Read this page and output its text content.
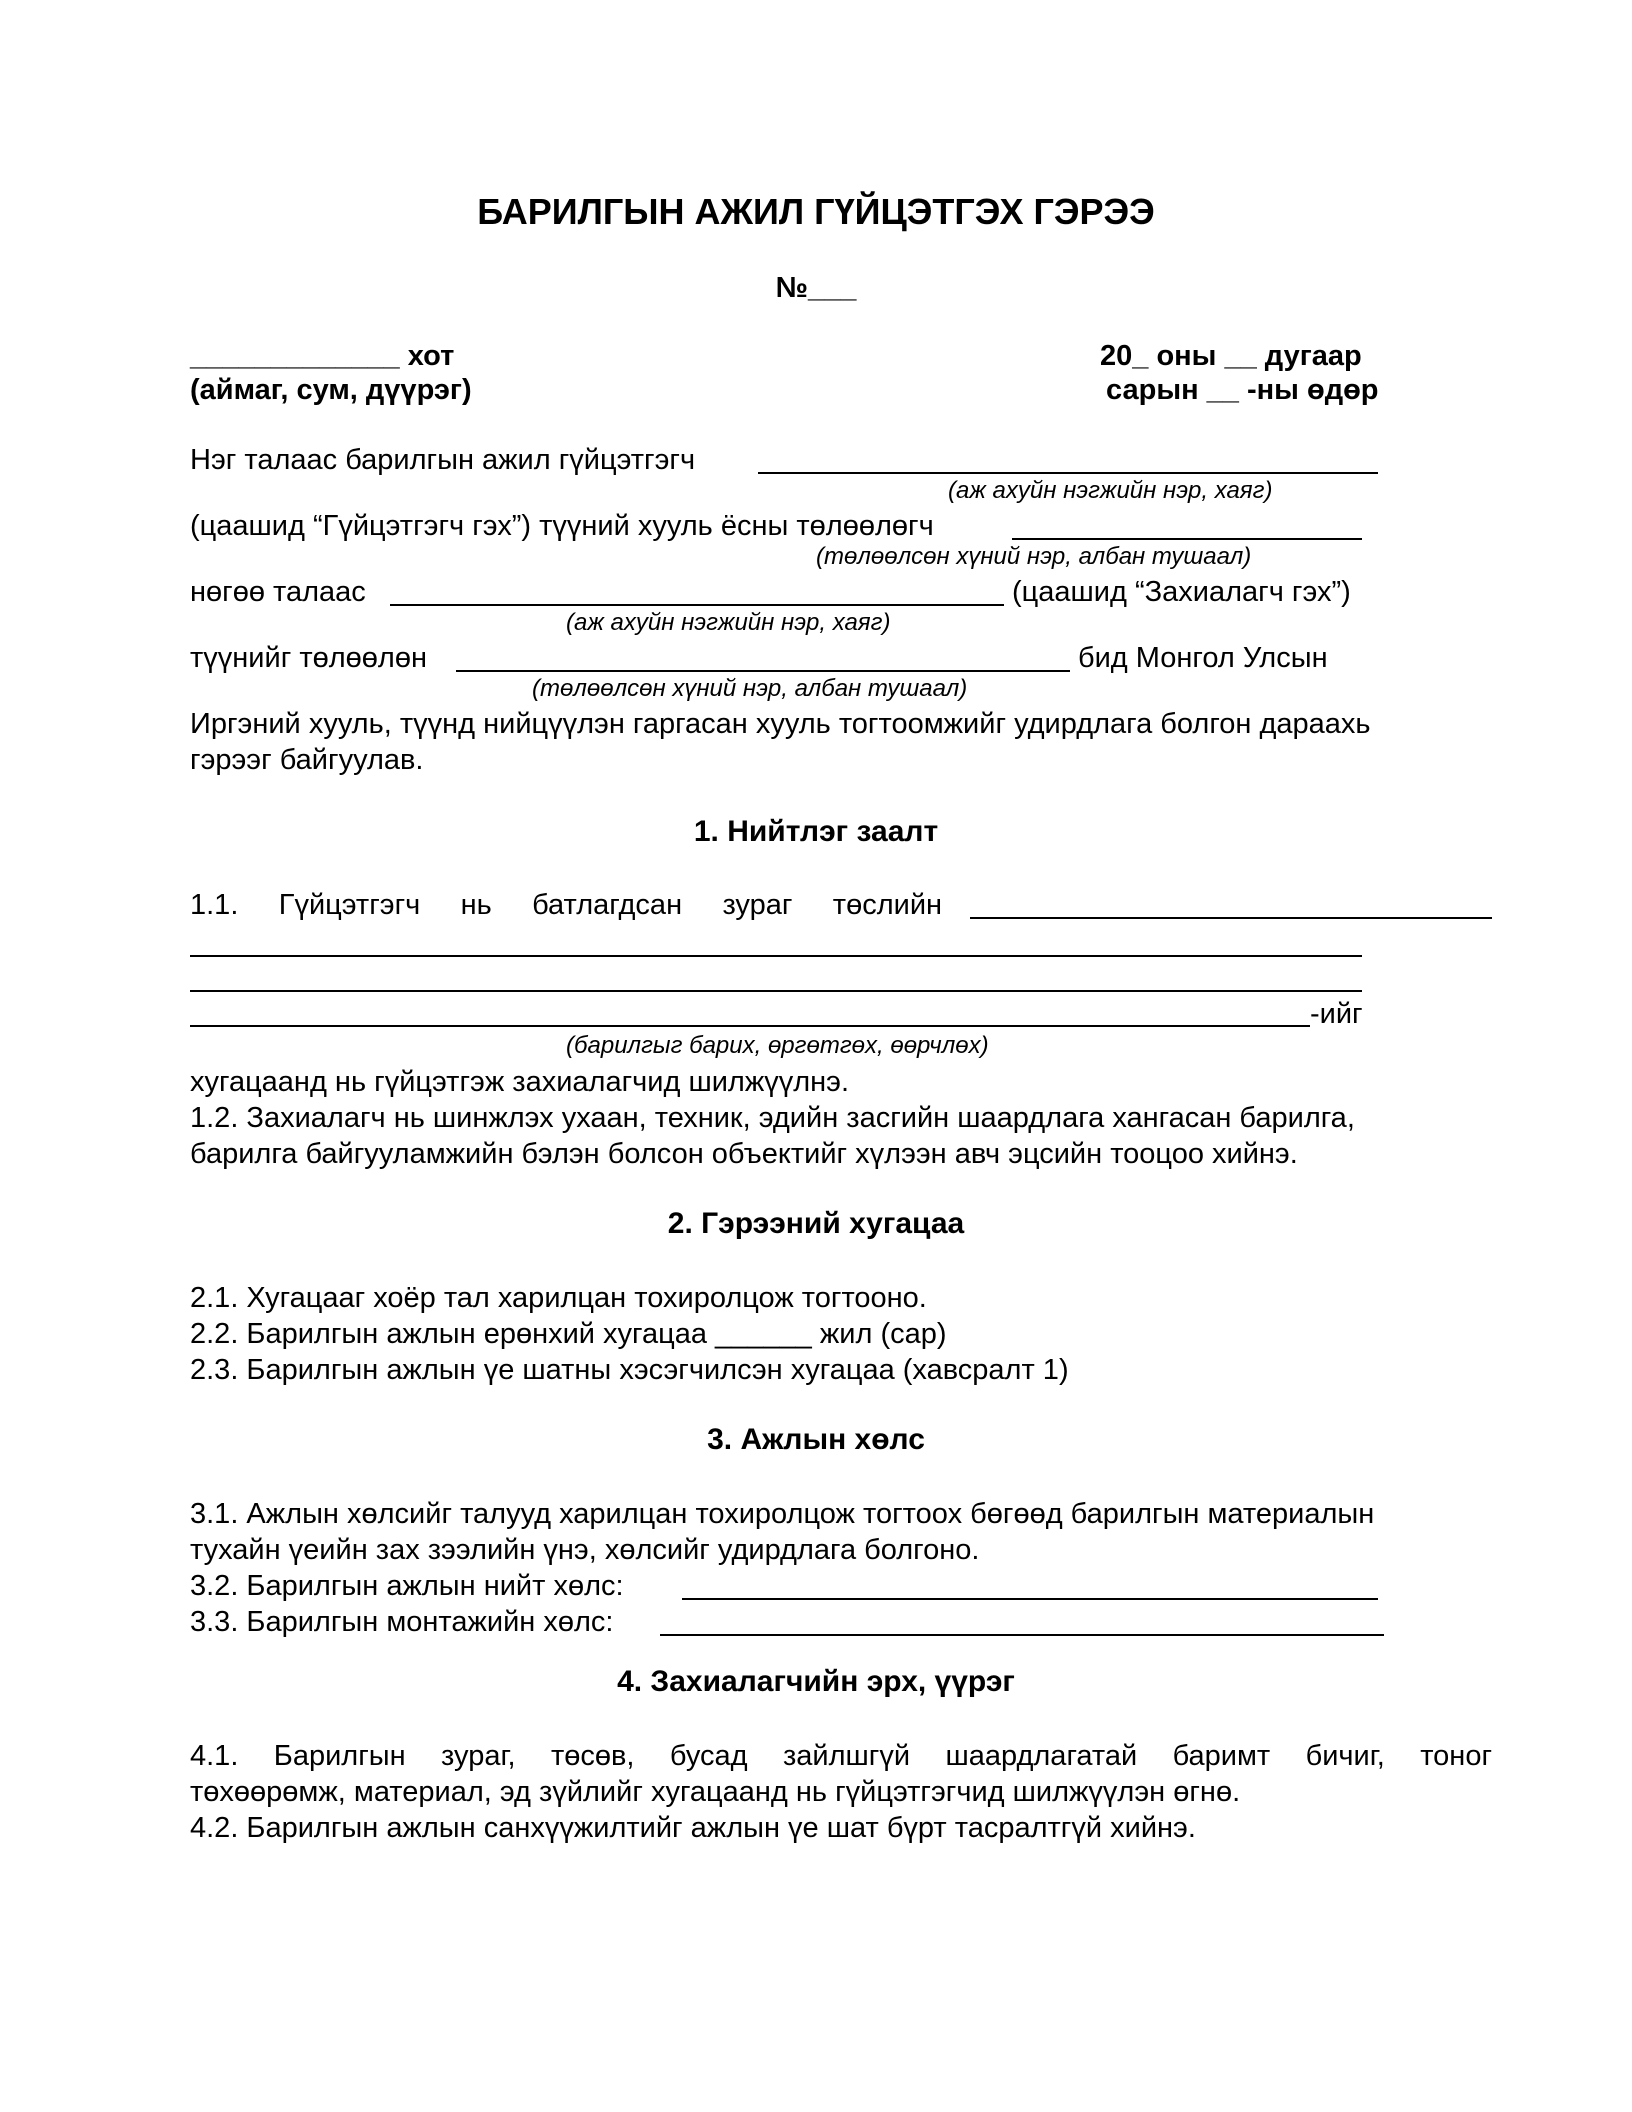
БАРИЛГЫН АЖИЛ ГҮЙЦЭТГЭХ ГЭРЭЭ
№___
_____________ хот
(аймаг, сум, дүүрэг)
20_ оны __ дугаар
сарын __ -ны өдөр
Нэг талаас барилгын ажил гүйцэтгэгч
(аж ахуйн нэгжийн нэр, хаяг)
(цаашид “Гүйцэтгэгч гэх”) түүний хууль ёсны төлөөлөгч
(төлөөлсөн хүний нэр, албан тушаал)
нөгөө талаас	(цаашид “Захиалагч гэх”)
(аж ахуйн нэгжийн нэр, хаяг)
түүнийг төлөөлөн	бид Монгол Улсын
(төлөөлсөн хүний нэр, албан тушаал)
Иргэний хууль, түүнд нийцүүлэн гаргасан хууль тогтоомжийг удирдлага болгон дараахь
гэрээг байгуулав.
1. Нийтлэг заалт
1.1. Гүйцэтгэгч нь батлагдсан зураг төслийн
-ийг
(барилгыг барих, өргөтгөх, өөрчлөх)
хугацаанд нь гүйцэтгэж захиалагчид шилжүүлнэ.
1.2. Захиалагч нь шинжлэх ухаан, техник, эдийн засгийн шаардлага хангасан барилга,
барилга байгууламжийн бэлэн болсон объектийг хүлээн авч эцсийн тооцоо хийнэ.
2. Гэрээний хугацаа
2.1. Хугацааг хоёр тал харилцан тохиролцож тогтооно.
2.2. Барилгын ажлын ерөнхий хугацаа ______ жил (сар)
2.3. Барилгын ажлын үе шатны хэсэгчилсэн хугацаа (хавсралт 1)
3. Ажлын хөлс
3.1. Ажлын хөлсийг талууд харилцан тохиролцож тогтоох бөгөөд барилгын материалын
тухайн үеийн зах зээлийн үнэ, хөлсийг удирдлага болгоно.
3.2. Барилгын ажлын нийт хөлс:
3.3. Барилгын монтажийн хөлс:
4. Захиалагчийн эрх, үүрэг
4.1. Барилгын зураг, төсөв, бусад зайлшгүй шаардлагатай баримт бичиг, тоног
төхөөрөмж, материал, эд зүйлийг хугацаанд нь гүйцэтгэгчид шилжүүлэн өгнө.
4.2. Барилгын ажлын санхүүжилтийг ажлын үе шат бүрт тасралтгүй хийнэ.
